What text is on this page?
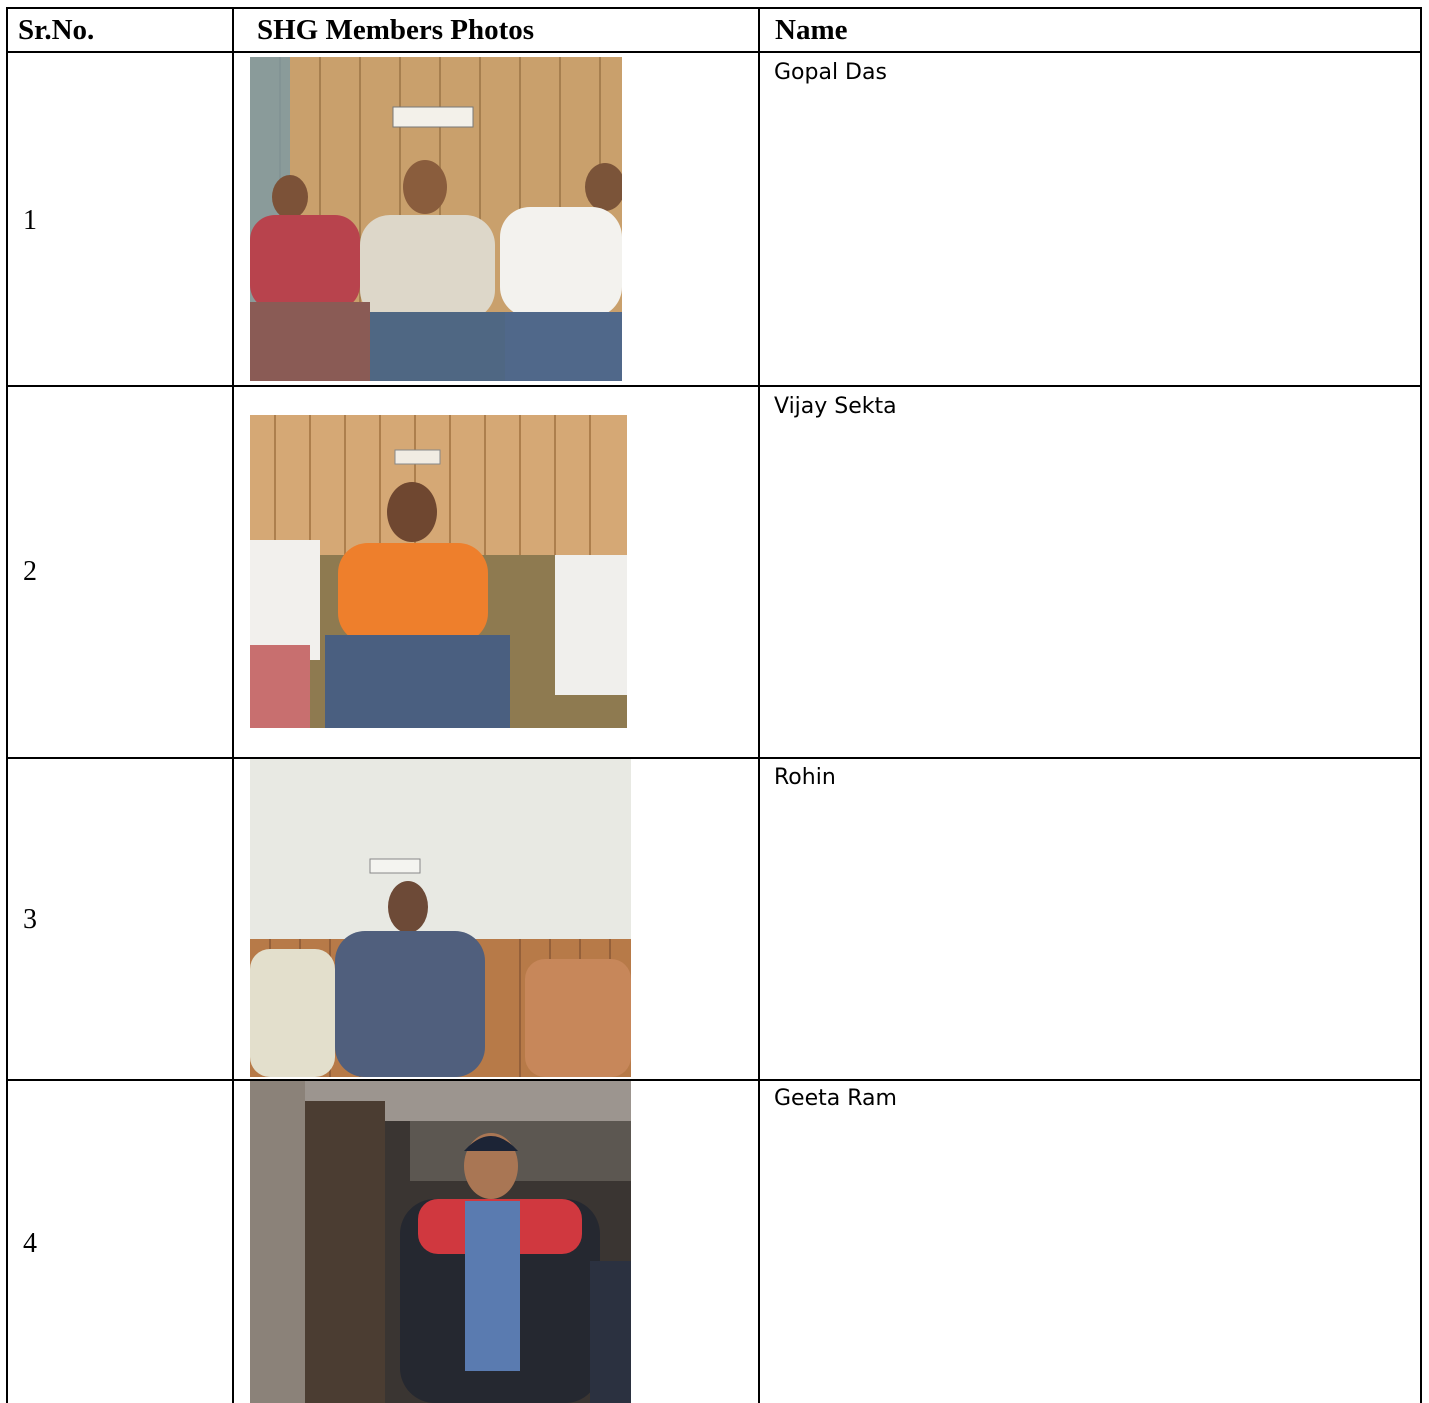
Sr.No.	SHG Members Photos	Name
1
Gopal Das
2
Vijay Sekta
3
Rohin
4
Geeta Ram
